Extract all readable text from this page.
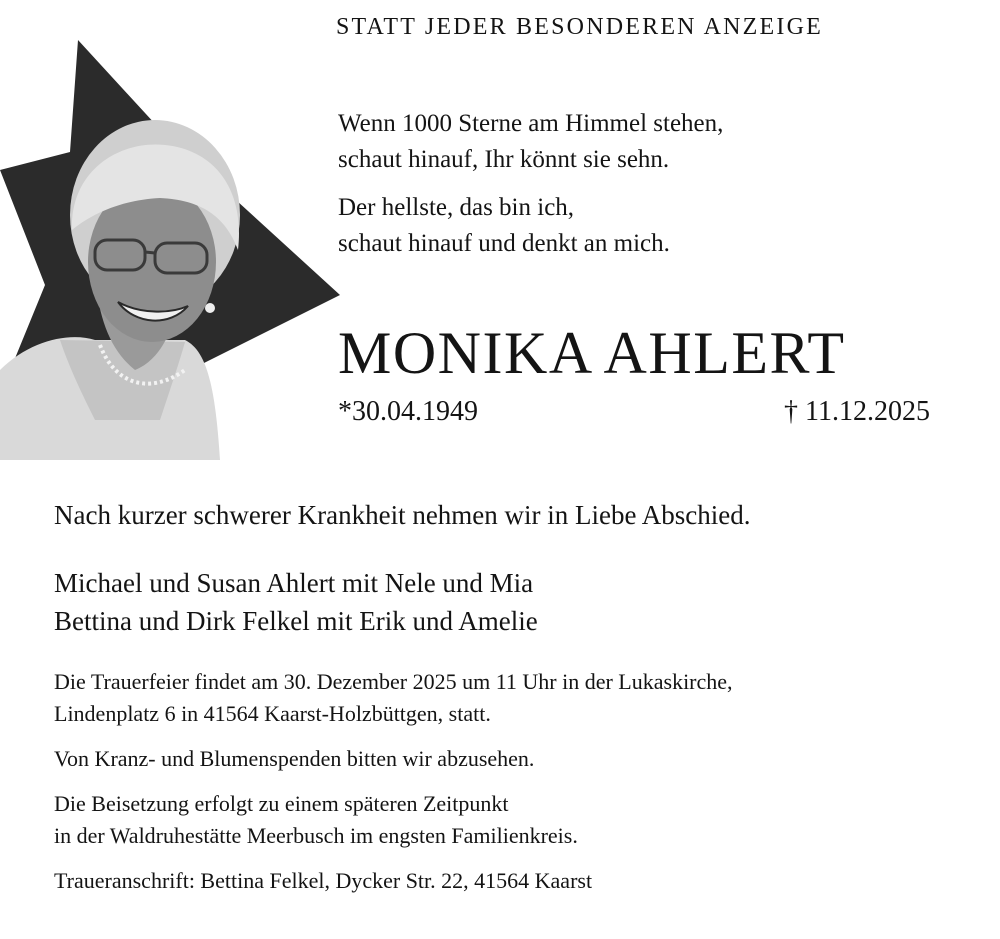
STATT JEDER BESONDEREN ANZEIGE
Wenn 1000 Sterne am Himmel stehen,
schaut hinauf, Ihr könnt sie sehn.
Der hellste, das bin ich,
schaut hinauf und denkt an mich.
MONIKA AHLERT
*30.04.1949	† 11.12.2025
Nach kurzer schwerer Krankheit nehmen wir in Liebe Abschied.
Michael und Susan Ahlert mit Nele und Mia
Bettina und Dirk Felkel mit Erik und Amelie
Die Trauerfeier findet am 30. Dezember 2025 um 11 Uhr in der Lukaskirche,
Lindenplatz 6 in 41564 Kaarst-Holzbüttgen, statt.
Von Kranz- und Blumenspenden bitten wir abzusehen.
Die Beisetzung erfolgt zu einem späteren Zeitpunkt
in der Waldruhestätte Meerbusch im engsten Familienkreis.
Traueranschrift: Bettina Felkel, Dycker Str. 22, 41564 Kaarst
